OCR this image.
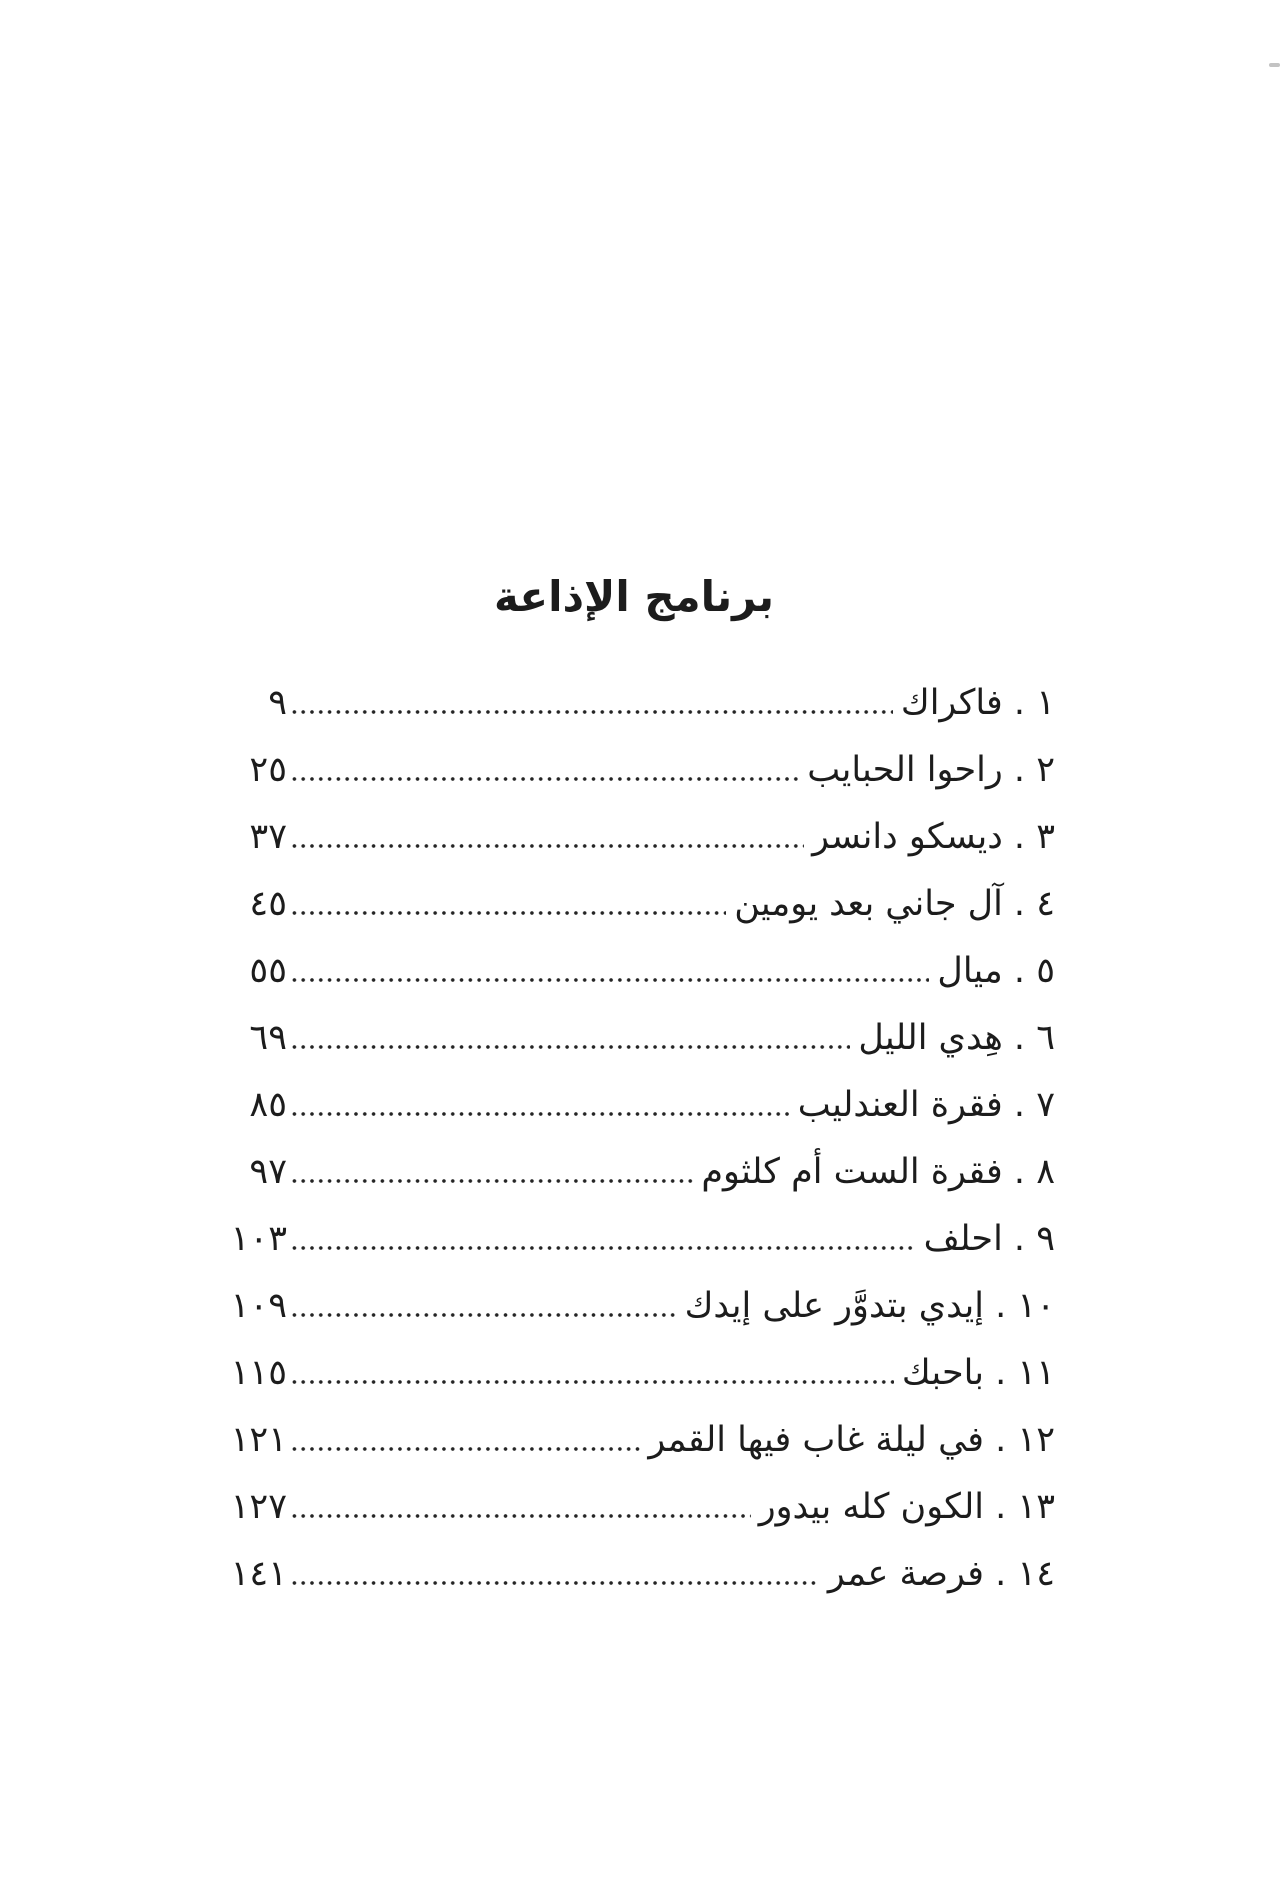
برنامج الإذاعة
١ . فاكراك
٩
٢ . راحوا الحبايب
٢٥
٣ . ديسكو دانسر
٣٧
٤ . آل جاني بعد يومين
٤٥
٥ . ميال
٥٥
٦ . هِدي الليل
٦٩
٧ . فقرة العندليب
٨٥
٨ . فقرة الست أم كلثوم
٩٧
٩ . احلف
١٠٣
١٠ . إيدي بتدوَّر على إيدك
١٠٩
١١ . باحبك
١١٥
١٢ . في ليلة غاب فيها القمر
١٢١
١٣ . الكون كله بيدور
١٢٧
١٤ . فرصة عمر
١٤١
